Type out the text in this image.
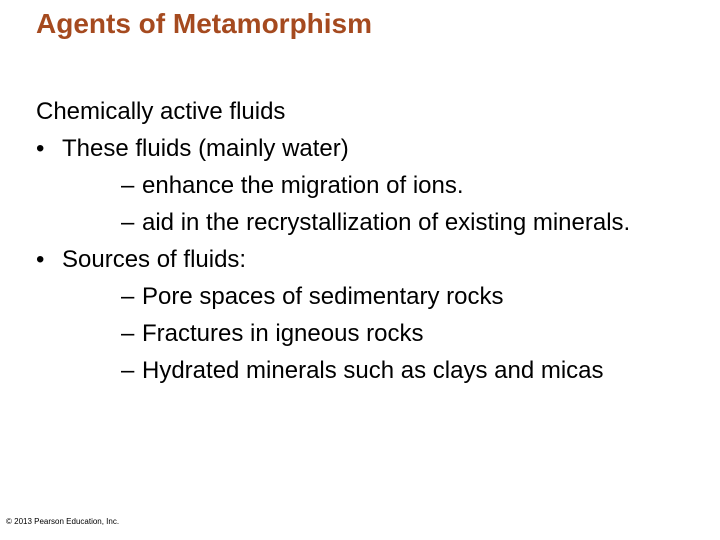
Agents of Metamorphism
Chemically active fluids
• These fluids (mainly water)
– enhance the migration of ions.
– aid in the recrystallization of existing minerals.
• Sources of fluids:
– Pore spaces of sedimentary rocks
– Fractures in igneous rocks
– Hydrated minerals such as clays and micas
© 2013 Pearson Education, Inc.
